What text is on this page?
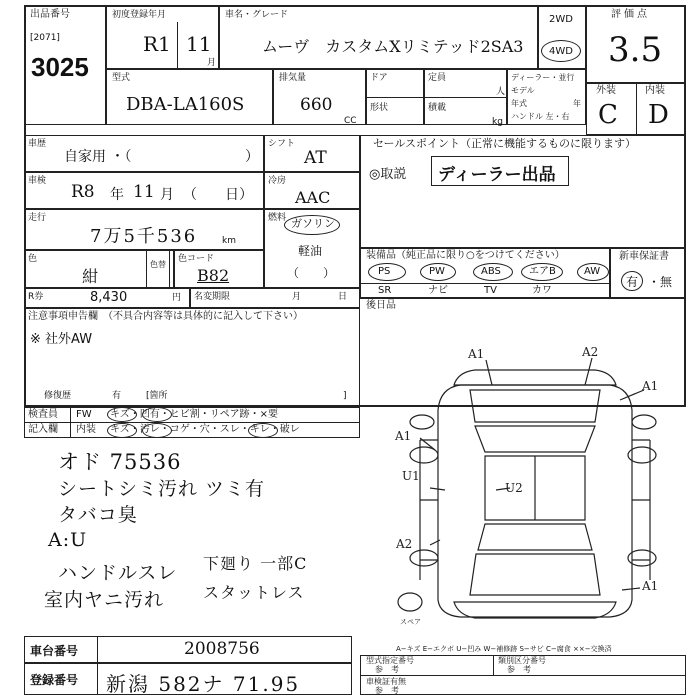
出品番号
[2071]
3025
初度登録年月
R1 11
月
車名・グレード
ムーヴ　カスタムXリミテッド2SA3
2WD
4WD
評価点
3.5
型式
DBA-LA160S
排気量
660
CC
ドア
形状
定員
人
積載
kg
ディーラー・並行
モデル
年式	年
ハンドル 左・右
外装	内装
C D
車歴
自家用 ・（	）
シフト
AT
セールスポイント（正常に機能するものに限ります）
◎取説 ディーラー出品
車検
R8 年 11 月 （　　日）
冷房
AAC
走行
7万5千536	km
燃料 ガソリン
軽油
（　　）
色
紺
色替
色コード
B82
装備品（純正品に限り○をつけてください）
PS	PW	ABS	エアB	AW
SR	ナビ	TV	カワ
新車保証書
有 ・無
R券	8,430	円 名変期限	月	日
後日品
注意事項申告欄　（不具合内容等は具体的に記入して下さい）
※ 社外AW
修復歴	有	[箇所	]
検査員
記入欄
FW キズ・凹有・ヒビ割・リペア跡・×要
内装 キズ・汚レ・コゲ・穴・スレ・キレ・破レ
オド 75536
シートシミ汚れ ツミ有
タバコ臭
A:U
ハンドルスレ
室内ヤニ汚れ
下廻り 一部C
スタットレス
A1	A2
A1
A1
U1
U2
A2
A1
スペア
A−キズ E−エクボ U−凹み W−補修跡 S−サビ C−腐食 ××−交換済
車台番号	2008756
登録番号 新潟 582ナ 71.95
型式指定番号
参　考
車検証有無
参　考
類別区分番号
参　考
